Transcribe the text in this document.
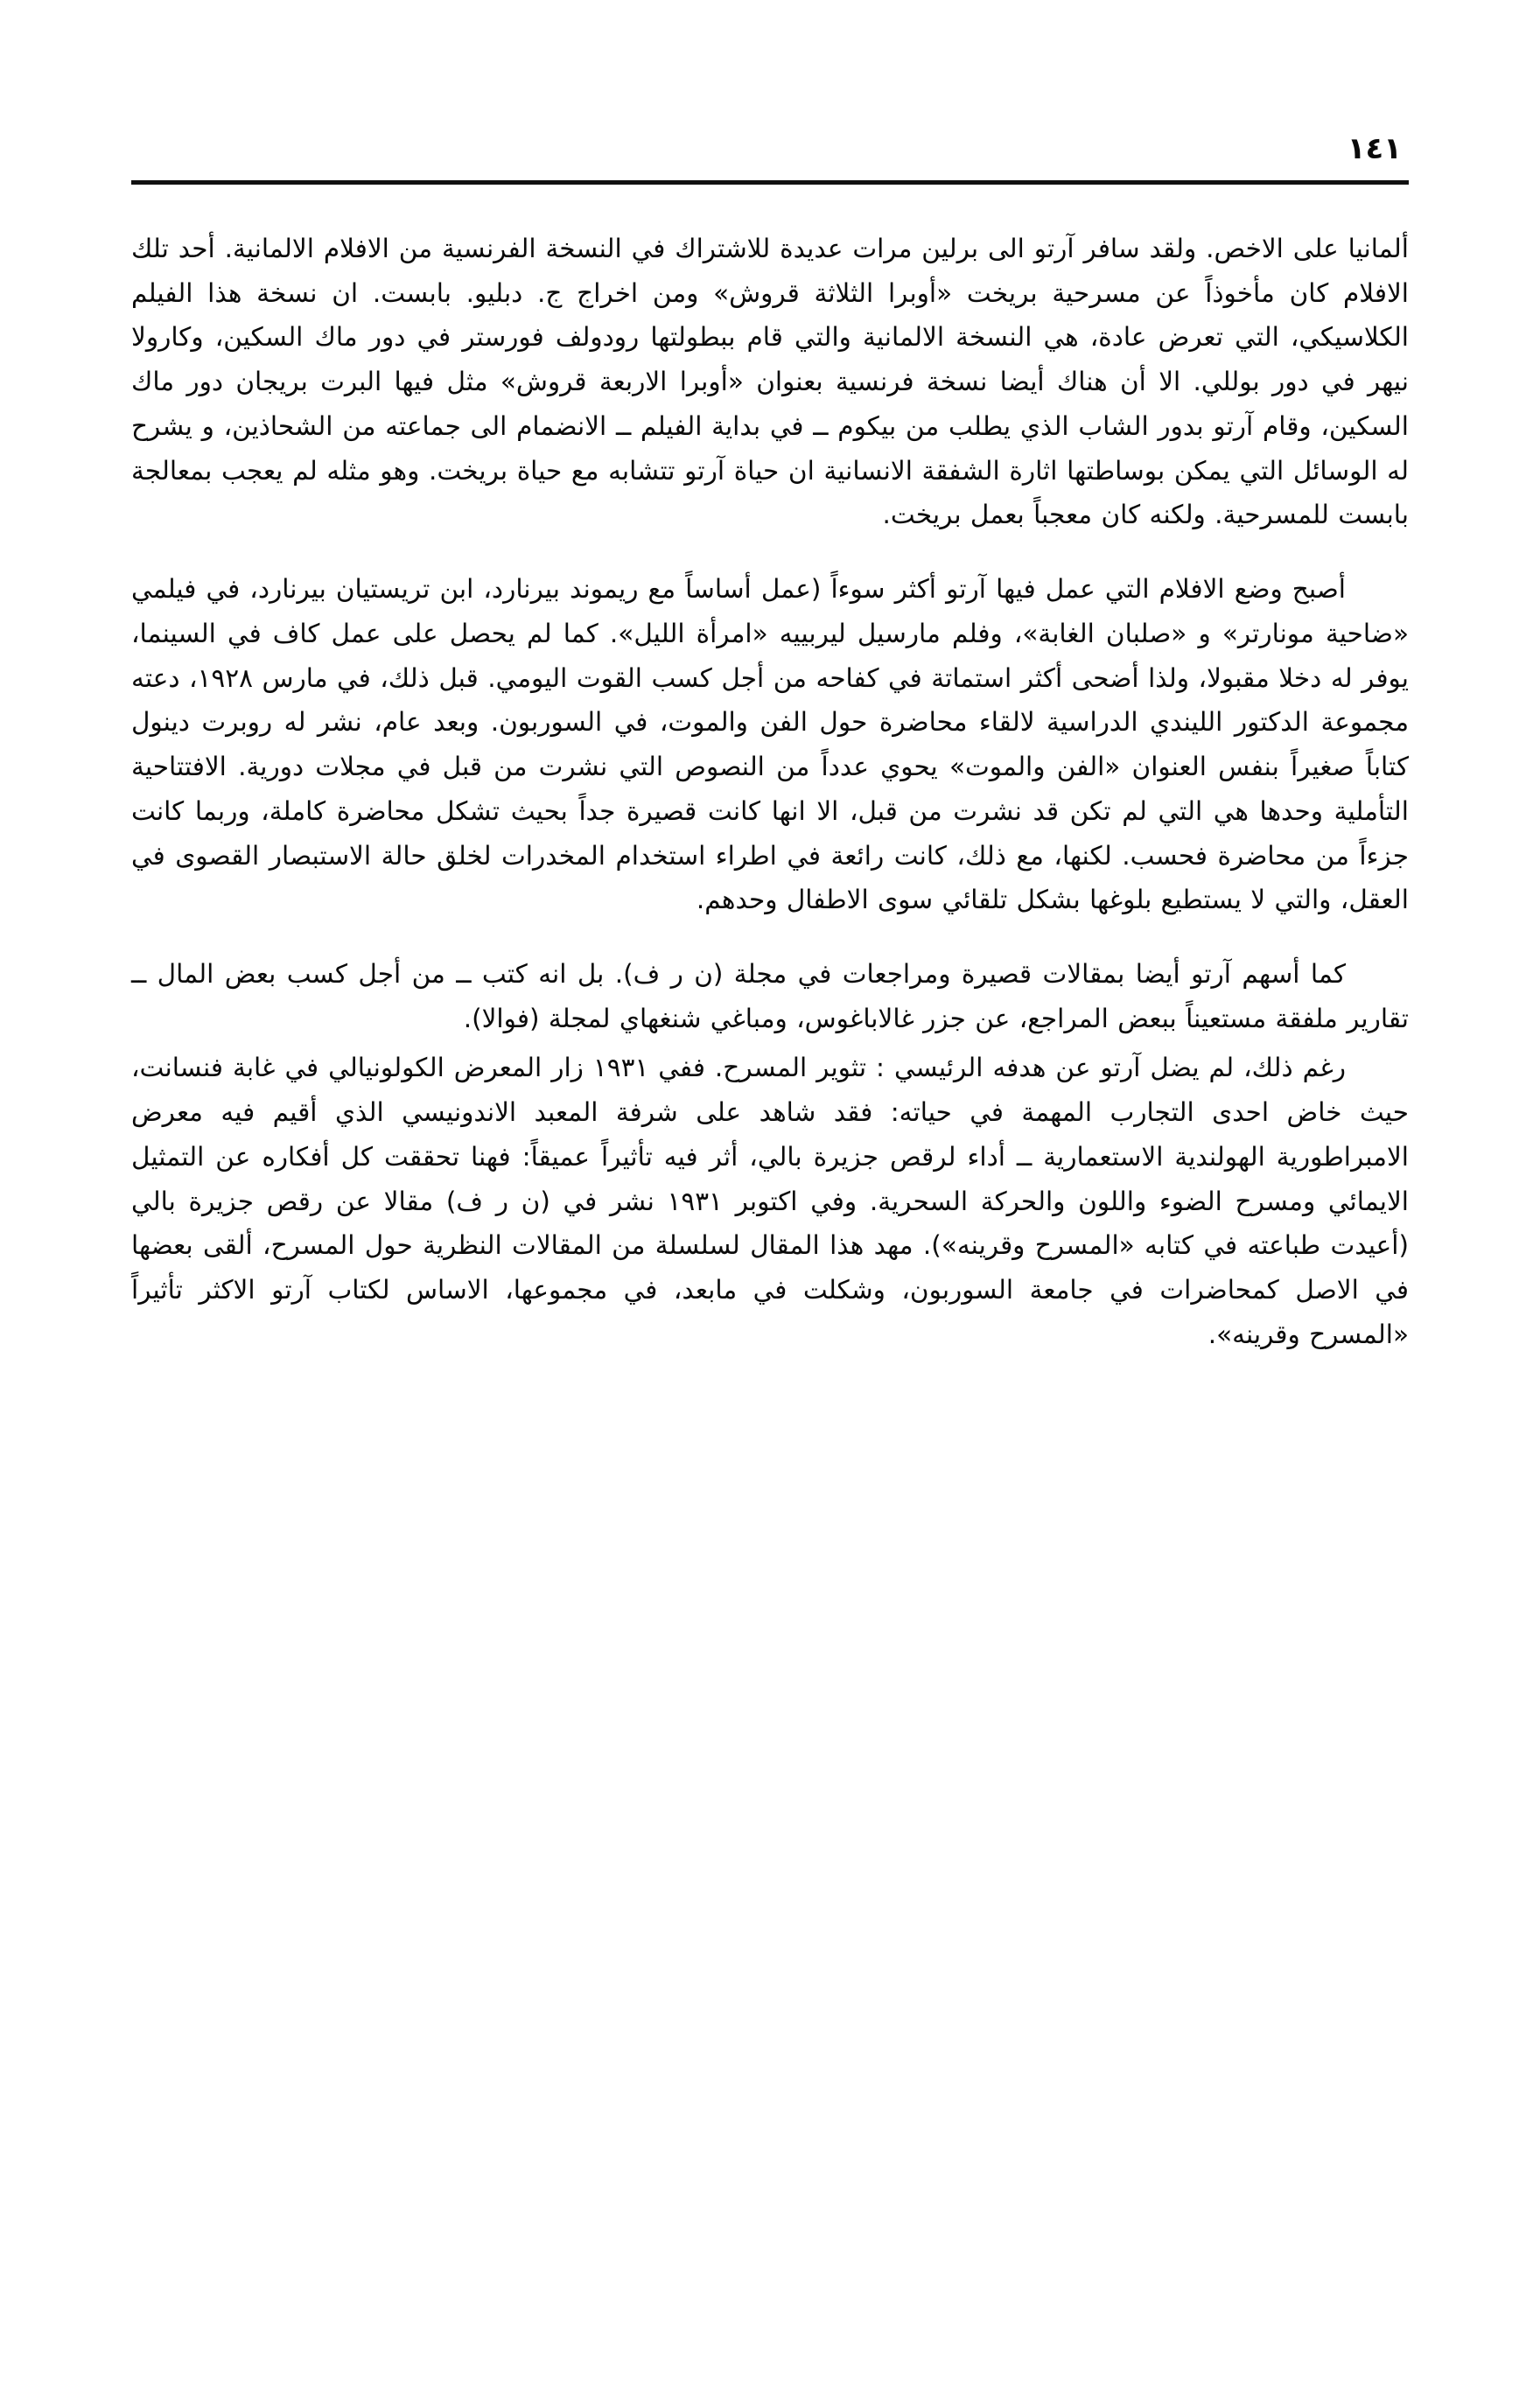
١٤١

ألمانيا على الاخص. ولقد سافر آرتو الى برلين مرات عديدة للاشتراك في النسخة الفرنسية من الافلام الالمانية. أحد تلك الافلام كان مأخوذاً عن مسرحية بريخت «أوبرا الثلاثة قروش» ومن اخراج ج. دبليو. بابست. ان نسخة هذا الفيلم الكلاسيكي، التي تعرض عادة، هي النسخة الالمانية والتي قام ببطولتها رودولف فورستر في دور ماك السكين، وكارولا نيهر في دور بوللي. الا أن هناك أيضا نسخة فرنسية بعنوان «أوبرا الاربعة قروش» مثل فيها البرت بريجان دور ماك السكين، وقام آرتو بدور الشاب الذي يطلب من بيكوم ــ في بداية الفيلم ــ الانضمام الى جماعته من الشحاذين، و يشرح له الوسائل التي يمكن بوساطتها اثارة الشفقة الانسانية ان حياة آرتو تتشابه مع حياة بريخت. وهو مثله لم يعجب بمعالجة بابست للمسرحية. ولكنه كان معجباً بعمل بريخت.

أصبح وضع الافلام التي عمل فيها آرتو أكثر سوءاً (عمل أساساً مع ريموند بيرنارد، ابن تريستيان بيرنارد، في فيلمي «ضاحية مونارتر» و «صلبان الغابة»، وفلم مارسيل ليربييه «امرأة الليل». كما لم يحصل على عمل كاف في السينما، يوفر له دخلا مقبولا، ولذا أضحى أكثر استماتة في كفاحه من أجل كسب القوت اليومي. قبل ذلك، في مارس ١٩٢٨، دعته مجموعة الدكتور الليندي الدراسية لالقاء محاضرة حول الفن والموت، في السوربون. وبعد عام، نشر له روبرت دينول كتاباً صغيراً بنفس العنوان «الفن والموت» يحوي عدداً من النصوص التي نشرت من قبل في مجلات دورية. الافتتاحية التأملية وحدها هي التي لم تكن قد نشرت من قبل، الا انها كانت قصيرة جداً بحيث تشكل محاضرة كاملة، وربما كانت جزءاً من محاضرة فحسب. لكنها، مع ذلك، كانت رائعة في اطراء استخدام المخدرات لخلق حالة الاستبصار القصوى في العقل، والتي لا يستطيع بلوغها بشكل تلقائي سوى الاطفال وحدهم.

كما أسهم آرتو أيضا بمقالات قصيرة ومراجعات في مجلة (ن ر ف). بل انه كتب ــ من أجل كسب بعض المال ــ تقارير ملفقة مستعيناً ببعض المراجع، عن جزر غالاباغوس، ومباغي شنغهاي لمجلة (فوالا).

رغم ذلك، لم يضل آرتو عن هدفه الرئيسي : تثوير المسرح. ففي ١٩٣١ زار المعرض الكولونيالي في غابة فنسانت، حيث خاض احدى التجارب المهمة في حياته: فقد شاهد على شرفة المعبد الاندونيسي الذي أقيم فيه معرض الامبراطورية الهولندية الاستعمارية ــ أداء لرقص جزيرة بالي، أثر فيه تأثيراً عميقاً: فهنا تحققت كل أفكاره عن التمثيل الايمائي ومسرح الضوء واللون والحركة السحرية. وفي اكتوبر ١٩٣١ نشر في (ن ر ف) مقالا عن رقص جزيرة بالي (أعيدت طباعته في كتابه «المسرح وقرينه»). مهد هذا المقال لسلسلة من المقالات النظرية حول المسرح، ألقى بعضها في الاصل كمحاضرات في جامعة السوربون، وشكلت في مابعد، في مجموعها، الاساس لكتاب آرتو الاكثر تأثيراً «المسرح وقرينه».
